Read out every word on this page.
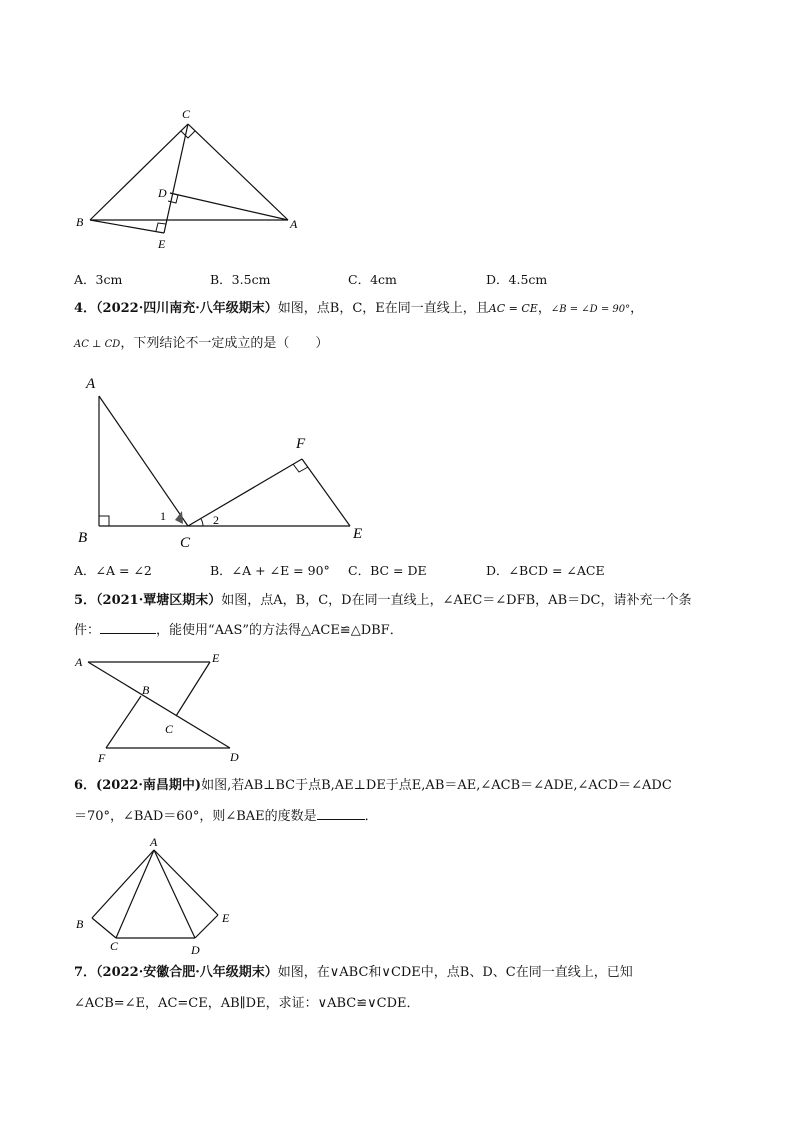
C
D
B
E
A
A．3cm	B．3.5cm	C．4cm	D．4.5cm
4．（2022·四川南充·八年级期末）如图，点B，C，E在同一直线上，且AC = CE，∠B = ∠D = 90°，
AC ⊥ CD，下列结论不一定成立的是（　　）
A
B	C
F
E
1	2
A．∠A = ∠2	B．∠A + ∠E = 90° C．BC = DE	D．∠BCD = ∠ACE
5．（2021·覃塘区期末）如图，点A，B，C，D在同一直线上，∠AEC＝∠DFB，AB＝DC，请补充一个条
件：	，能使用“AAS”的方法得△ACE≌△DBF．
A	E
B
C
F	D
6．(2022·南昌期中)如图,若AB⊥BC于点B,AE⊥DE于点E,AB＝AE,∠ACB＝∠ADE,∠ACD＝∠ADC
＝70°，∠BAD＝60°，则∠BAE的度数是	．
A
B
C	D
E
7．（2022·安徽合肥·八年级期末）如图，在∨ABC和∨CDE中，点B、D、C在同一直线上，已知
∠ACB=∠E，AC=CE，AB∥DE，求证：∨ABC≌∨CDE．
